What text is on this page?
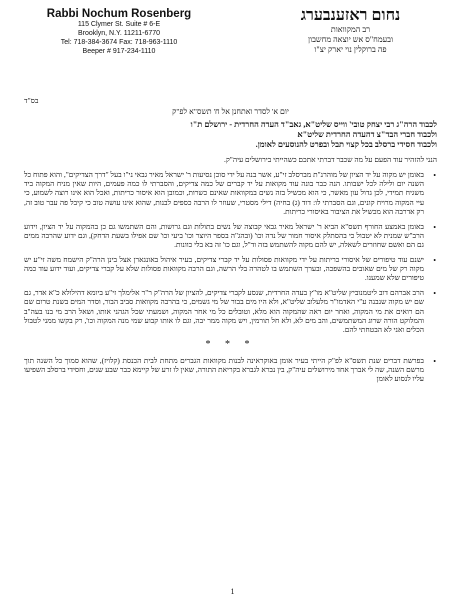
Rabbi Nochum Rosenberg
115 Clymer St. Suite # 6-E
Brooklyn, N.Y. 11211-6770
Tel: 718-384-3674 Fax: 718-963-1110
Beeper # 917-234-1110
נחום ראזענבערג
רב המקוואות
ובעמח"ס אש יוצאה מחשבון
פה ברוקלין נוי יארק יצ"ו
בס"ד
יום א' לסדר ואתחנן אל ח' תשס"א לפ"ק
לכבוד הרה"ג רבי יצחק טובי' ווייס שליט"א, גאב"ד העדה החרדית - ירושלם ת"ו
ולכבוד חברי הבד"צ דהעדה החרדית שליט"א
ולכבוד חסידי ברסלב בכל קצוי תבל ובפרט להנוסעים לאומן.
הנני להזהיר עוד הפעם על מה שכבר דברתי אתכם כשהייתי בירושלים עיה"ק.
•
באומן יש מקוה על יד הציון של מוהרנ"ת מברסלב זי"ע, אשר בנה על ידי סוכן נסיעות ר' ישראל מאיר גבאי ני"ו בעל "דרך הצדיקים", והוא פתוח כל השנה יום ולילה לכל ישבותו. הנה כבר בונה עוד מקואות על יד קברים של כמה צדיקים, והסברתי לו כמה פעמים, היות שאין מניח המקוה ביד משגיח תמידי, לכן גדול עון מאשר, כי הוא מכשיל בזה נשים במקוואות שאינם כשרות, וכמובן הוא איסור כריתות, ואכל הוא אינו רוצה לשמוע, כי עיי המקוה מרויח קונים, וגם הסברתי לו: דוד (ג) בחיה) דילי מסטרי, שעוזר לו הרבה כספים לבנות, שהוא אינו עושה טוב כי קיבל פה עבר טוב זה, רק אדרבה הוא מכשיל את הציבור באיסורי כריתות.
•
באומן באמצע החורף תשס"א הביא ר' ישראל מאיר גבאי קבוצה של נשים בתולות וגם גרושות, והם השתמשו גם כן בהמקוה על יד הציון, וידוע הרב"ש שמנית לא יטבול כי בהסתלק איסור חמור של נדה וכו' (ובהג"ה בספר היוצר וכו' ביעי וכו' שם אפילו בשעת הדחק), וגם ידוע שהרבה ממים גם הם ואשם שחוזרים לשאלה, יש להם מקוה להשתמש בזה וד"ל, וגם כו' זה בא בלי כוונות.
•
ישנם עוד טיפורים של איסורי כריתות על ידי מקוואות פסולות על יד קברי צדיקים, בעיר איהול באונגארן אצל בינן הרה"ק הישמח משה זי"ע יש מקוה רק של מים שאובים בהשפכה, ובערך השתמש בו לטהרה בלי הרשה, וגם הרבה מקוואות פסולות שלא על קברי צדיקים, ועוד ידוע עוד כמה טיפורים שלא שמענו.
•
הרב אברהם דוב ליטמנוביץ שליט"א מו"ץ בעדה החרדית, שנסע לקברי צדיקים, להציון של הרה"ק ר"ר אלימלך זי"ע ביומא דהילולא כ"א אדר, גם שם יש מקוה שנבנה ע"י האדמו"ר מלעלוב שליט"א, ולא היו מים בבור של מי גשמים, כי בהרבה מקוואות סביב הבור, וסדר המים בשנת טרום שם הם רואים את מי המקוה, ואחר יום ראה שהמקוה הוא מלא, וטובלים כל מי אחר המקוה, ושמעתי שכל הגהני אותו, ושאל הרב מי בנו בעה"ב והמלוקט הורה שרוג המשתמשים, והב מים לא, ולא חל תורמין, ויש מקוה ממר יבה, וגם לו אותו קבוע שמי מנה המקוה וכו', רק בקשו ממני לטבול הכלים ואני לא הבטחתי להם.
* * *
•
בפרשת דברים שנת תשס"א לפ"ק הייתי בעיר אומן באוקראינה לבנות מקוואות הגברים מתחת לבית הכנסת (קלויז), שהוא סמוך כל השנה תוך מרשם השנה, שה לי אברך אחד מירושלים עיה"ק, בין נברא לגברא בקריאת התורה, שאין לו זרע של קיימא כבר שבע שנים, וחסידי ברסלב השפיעו עליו לנסוע לאומן
1
